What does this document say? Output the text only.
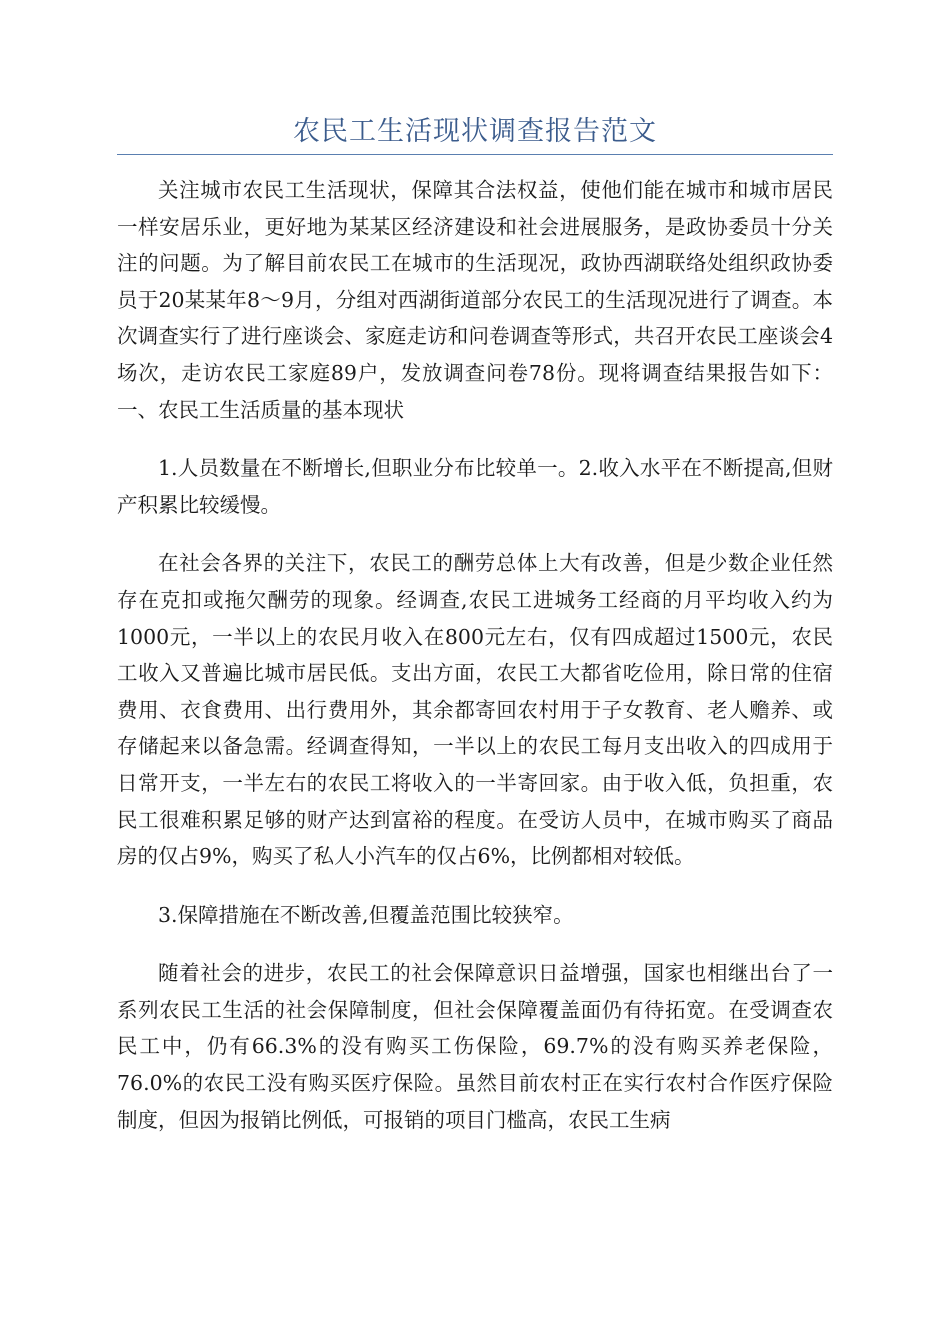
农民工生活现状调查报告范文

关注城市农民工生活现状，保障其合法权益，使他们能在城市和城市居民一样安居乐业，更好地为某某区经济建设和社会进展服务，是政协委员十分关注的问题。为了解目前农民工在城市的生活现况，政协西湖联络处组织政协委员于20某某年8～9月，分组对西湖街道部分农民工的生活现况进行了调查。本次调查实行了进行座谈会、家庭走访和问卷调查等形式，共召开农民工座谈会4场次，走访农民工家庭89户，发放调查问卷78份。现将调查结果报告如下：一、农民工生活质量的基本现状

1.人员数量在不断增长,但职业分布比较单一。2.收入水平在不断提高,但财产积累比较缓慢。

在社会各界的关注下，农民工的酬劳总体上大有改善，但是少数企业任然存在克扣或拖欠酬劳的现象。经调查,农民工进城务工经商的月平均收入约为1000元，一半以上的农民月收入在800元左右，仅有四成超过1500元，农民工收入又普遍比城市居民低。支出方面，农民工大都省吃俭用，除日常的住宿费用、衣食费用、出行费用外，其余都寄回农村用于子女教育、老人赡养、或存储起来以备急需。经调查得知，一半以上的农民工每月支出收入的四成用于日常开支，一半左右的农民工将收入的一半寄回家。由于收入低，负担重，农民工很难积累足够的财产达到富裕的程度。在受访人员中，在城市购买了商品房的仅占9%，购买了私人小汽车的仅占6%，比例都相对较低。

3.保障措施在不断改善,但覆盖范围比较狭窄。

随着社会的进步，农民工的社会保障意识日益增强，国家也相继出台了一系列农民工生活的社会保障制度，但社会保障覆盖面仍有待拓宽。在受调查农民工中，仍有66.3%的没有购买工伤保险，69.7%的没有购买养老保险，76.0%的农民工没有购买医疗保险。虽然目前农村正在实行农村合作医疗保险制度，但因为报销比例低，可报销的项目门槛高，农民工生病
